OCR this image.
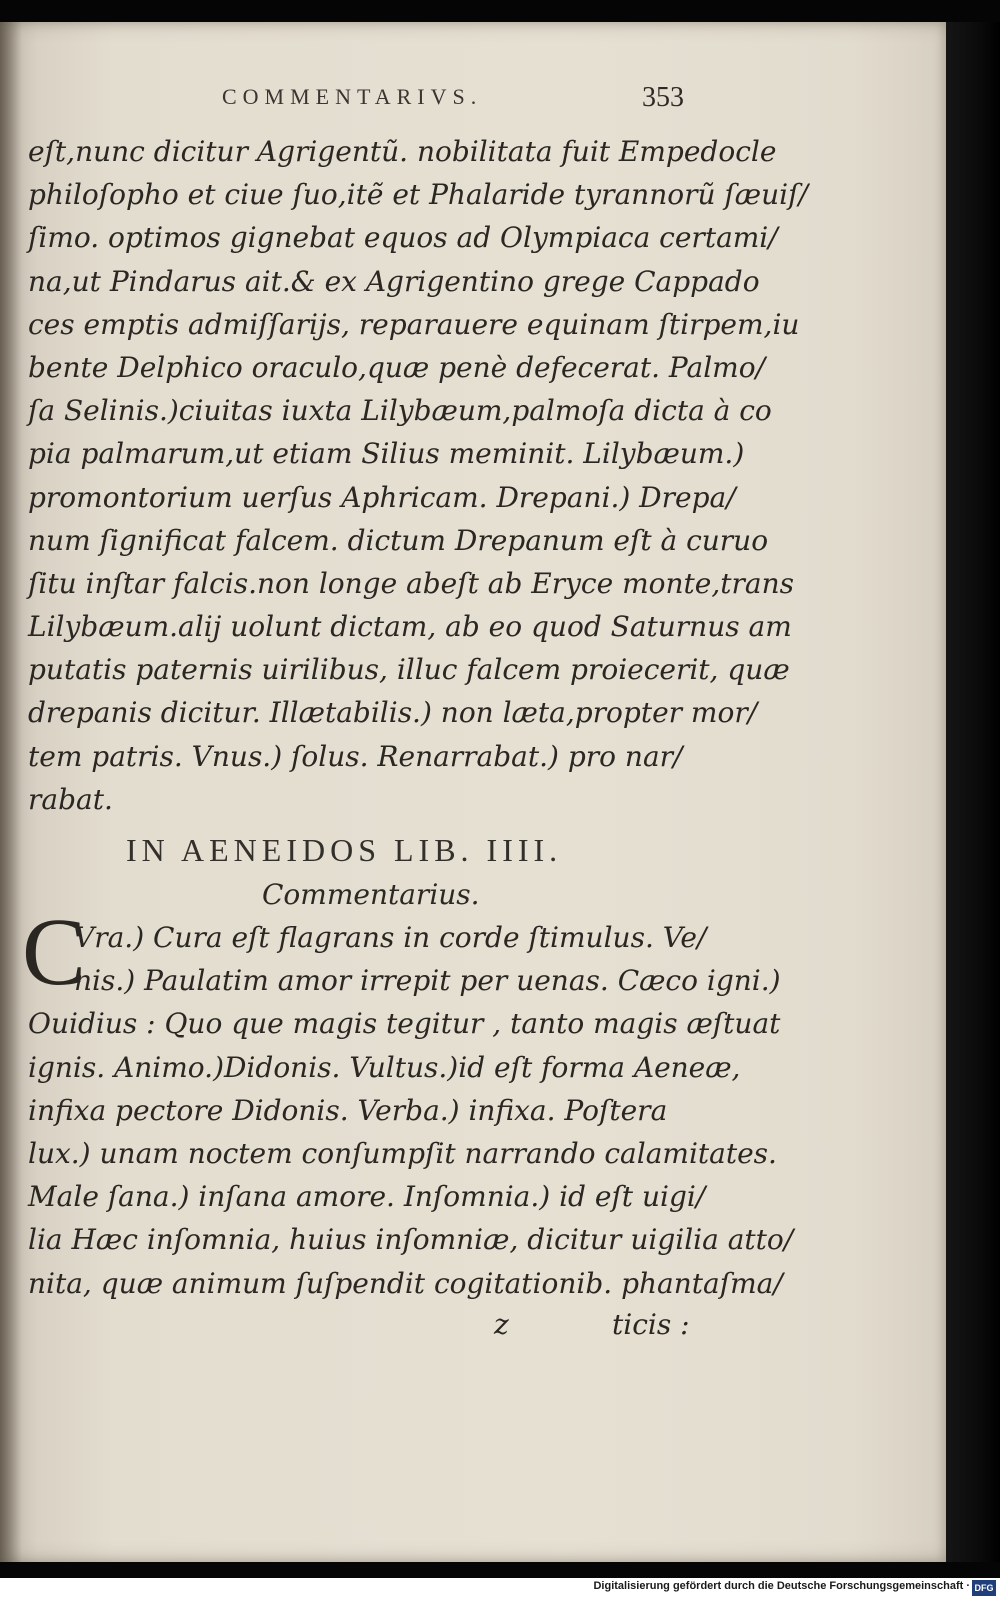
COMMENTARIVS.	353
eſt,nunc dicitur Agrigentũ. nobilitata fuit Empedocle
philoſopho et ciue ſuo,itẽ et Phalaride tyrannorũ ſæuiſ/
ſimo. optimos gignebat equos ad Olympiaca certami/
na,ut Pindarus ait.& ex Agrigentino grege Cappado
ces emptis admiſſarijs, reparauere equinam ſtirpem,iu
bente Delphico oraculo,quæ penè defecerat. Palmo/
ſa Selinis.)ciuitas iuxta Lilybæum,palmoſa dicta à co
pia palmarum,ut etiam Silius meminit. Lilybæum.)
promontorium uerſus Aphricam. Drepani.) Drepa/
num ſignificat falcem. dictum Drepanum eſt à curuo
ſitu inſtar falcis.non longe abeſt ab Eryce monte,trans
Lilybæum.alij uolunt dictam, ab eo quod Saturnus am
putatis paternis uirilibus, illuc falcem proiecerit, quæ
drepanis dicitur. Illætabilis.) non læta,propter mor/
tem patris. Vnus.) ſolus. Renarrabat.) pro nar/
rabat.
IN AENEIDOS LIB. IIII.
Commentarius.
C
Vra.) Cura eſt flagrans in corde ſtimulus. Ve/
nis.) Paulatim amor irrepit per uenas. Cæco igni.)
Ouidius : Quo que magis tegitur , tanto magis æſtuat
ignis. Animo.)Didonis. Vultus.)id eſt forma Aeneæ,
infixa pectore Didonis. Verba.) infixa. Poſtera
lux.) unam noctem conſumpſit narrando calamitates.
Male ſana.) inſana amore. Inſomnia.) id eſt uigi/
lia Hæc inſomnia, huius inſomniæ, dicitur uigilia atto/
nita, quæ animum ſuſpendit cogitationib. phantaſma/
z	ticis :
Digitalisierung gefördert durch die Deutsche Forschungsgemeinschaft · DFG
